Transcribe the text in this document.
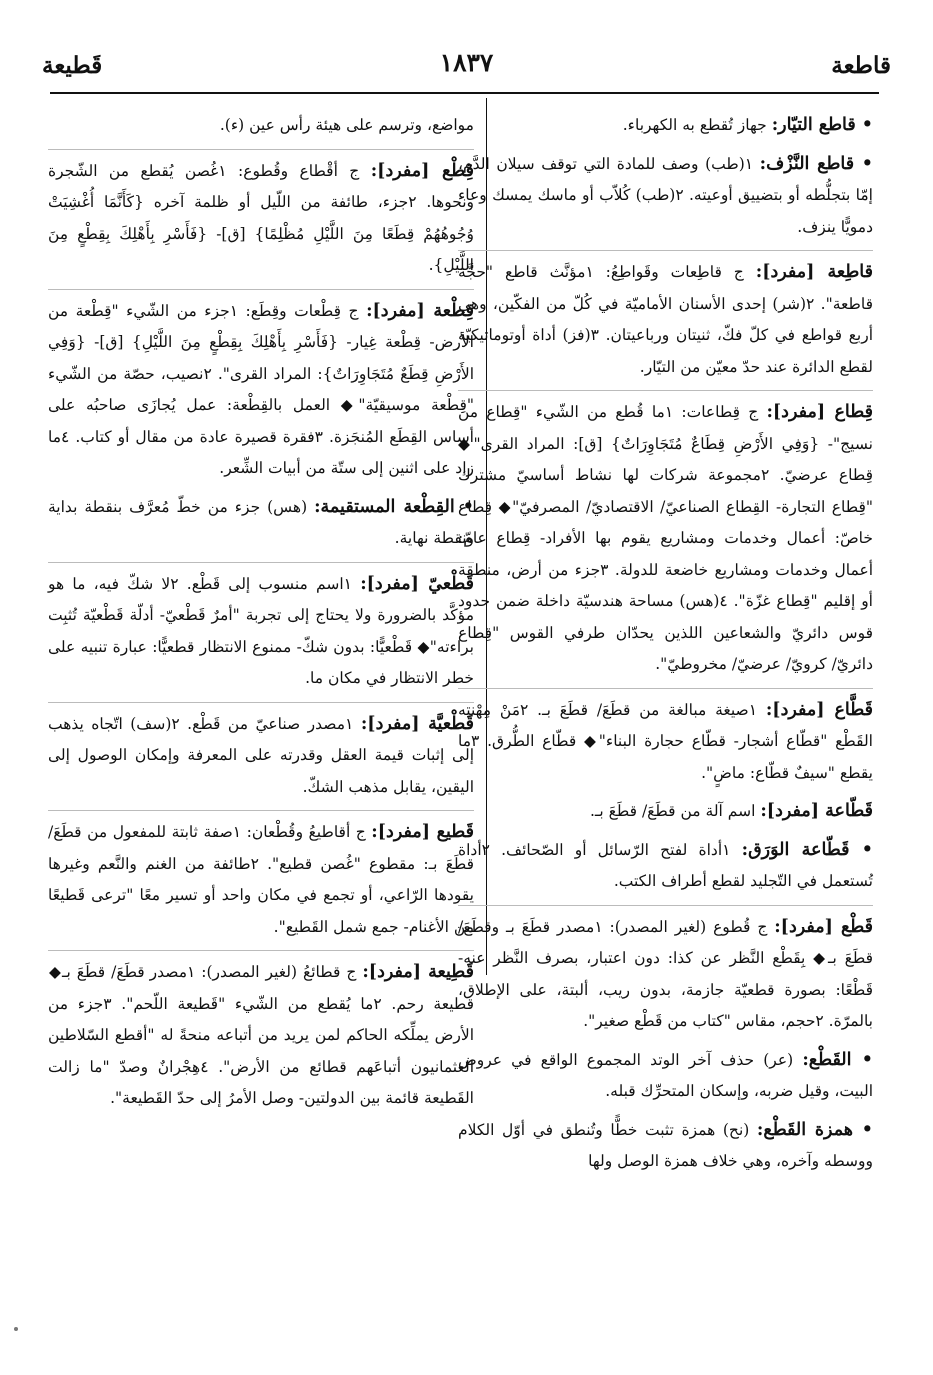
قاطعة
١٨٣٧
قَطيعة
• قاطع التيّار: جهاز تُقطع به الكهرباء.
• قاطع النَّزْف: ١(طب) وصف للمادة التي توقف سيلان الدَّم، إمّا بتجلُّطه أو بتضييق أوعيته. ٢(طب) كُلاّب أو ماسك يمسك وعاء دمويًّا ينزف.
قاطِعة [مفرد]: ج قاطِعات وقَواطِعُ: ١مؤنَّث قاطع "حجَّة قاطعة". ٢(شر) إحدى الأسنان الأماميّة في كُلّ من الفكّين، وهي أربع قواطع في كلّ فكّ، ثنيتان ورباعيتان. ٣(فز) أداة أوتوماتيكيّة لقطع الدائرة عند حدّ معيّن من التيّار.
قِطاع [مفرد]: ج قِطاعات: ١ما قُطع من الشّيء "قِطاع من نسيج"- {وَفِي الأَرْضِ قِطَاعٌ مُتَجَاوِرَاتٌ} [ق]: المراد القرى"◆ قِطاع عرضيّ. ٢مجموعة شركات لها نشاط أساسيّ مشترك "قِطاع التجارة- القِطاع الصناعيّ/ الاقتصاديّ/ المصرفيّ"◆ قِطاع خاصّ: أعمال وخدمات ومشاريع يقوم بها الأفراد- قِطاع عامّ: أعمال وخدمات ومشاريع خاضعة للدولة. ٣جزء من أرض، منطقة أو إقليم "قِطاع غزّة". ٤(هس) مساحة هندسيّة داخلة ضمن حدود قوس دائريّ والشعاعين اللذين يحدّان طرفي القوس "قِطاع دائريّ/ كرويّ/ عرضيّ/ مخروطيّ".
قَطَّاع [مفرد]: ١صيغة مبالغة من قطَعَ/ قطَعَ بـ. ٢مَنْ مِهْنته القَطْع "قطّاع أشجار- قطّاع حجارة البناء"◆ قطّاع الطُّرق. ٣ما يقطع "سيفٌ قطّاع: ماضٍ".
قَطّاعة [مفرد]: اسم آلة من قطَعَ/ قطَعَ بـ.
• قَطّاعة الوَرَق: ١أداة لفتح الرّسائل أو الصّحائف. ٢أداة تُستعمل في التّجليد لقطع أطراف الكتب.
قَطْع [مفرد]: ج قُطوع (لغير المصدر): ١مصدر قطَعَ بـ وقطَعَ/ قطَعَ بـ◆ بِقَطْع النَّظر عن كذا: دون اعتبار، بصرف النَّظر عنه- قَطْعًا: بصورة قطعيّة جازمة، بدون ريب، ألبتة، على الإطلاق، بالمرّة. ٢حجم، مقاس "كتاب من قَطْع صغير".
• القَطْع: (عر) حذف آخر الوتد المجموع الواقع في عروض البيت، وقيل ضربه، وإسكان المتحرِّك قبله.
• همزة القَطْع: (نح) همزة تثبت خطًّا وتُنطق في أوّل الكلام ووسطه وآخره، وهي خلاف همزة الوصل ولها
مواضع، وترسم على هيئة رأس عين (ء).
قِطْع [مفرد]: ج أقْطاع وقُطوع: ١غُصن يُقطع من الشّجرة ونحوها. ٢جزء، طائفة من اللّيل أو ظلمة آخره {كَأَنَّمَا أُغْشِيَتْ وُجُوهُهُمْ قِطَعًا مِنَ اللَّيْلِ مُظْلِمًا} [ق]- {فَأَسْرِ بِأَهْلِكَ بِقِطْعٍ مِنَ اللَّيْلِ}.
قِطْعة [مفرد]: ج قِطْعات وقِطَع: ١جزء من الشّيء "قِطْعة من الأرض- قِطْعة غِيار- {فَأَسْرِ بِأَهْلِكَ بِقِطْعٍ مِنَ اللَّيْلِ} [ق]- {وَفِي الأَرْضِ قِطَعٌ مُتَجَاوِرَاتٌ}: المراد القرى". ٢نصيب، حصّة من الشّيء "قِطْعة موسيقيّة"◆ العمل بالقِطْعة: عمل يُجازَى صاحبُه على أساس القِطَع المُنجَزة. ٣فقرة قصيرة عادة من مقال أو كتاب. ٤ما زاد على اثنين إلى ستّة من أبيات الشِّعر.
• القِطْعة المستقيمة: (هس) جزء من خطّ مُعرَّف بنقطة بداية ونقطة نهاية.
قَطْعيّ [مفرد]: ١اسم منسوب إلى قَطْع. ٢لا شكّ فيه، ما هو مؤكَّد بالضرورة ولا يحتاج إلى تجربة "أمرٌ قَطْعيّ- أدلّة قَطْعيّة تُثبِت براءته"◆ قَطْعيًّا: بدون شكّ- ممنوع الانتظار قطعيًّا: عبارة تنبيه على خطر الانتظار في مكان ما.
قَطْعيَّة [مفرد]: ١مصدر صناعيّ من قَطْع. ٢(سف) اتّجاه يذهب إلى إثبات قيمة العقل وقدرته على المعرفة وإمكان الوصول إلى اليقين، يقابل مذهب الشكّ.
قَطيع [مفرد]: ج أقاطيعُ وقُطْعان: ١صفة ثابتة للمفعول من قطَعَ/ قطَعَ بـ: مقطوع "غُصن قطيع". ٢طائفة من الغنم والنَّعم وغيرها يقودها الرّاعي، أو تجمع في مكان واحد أو تسير معًا "ترعى قَطيعًا من الأغنام- جمع شمل القَطيع".
قَطِيعة [مفرد]: ج قطائعُ (لغير المصدر): ١مصدر قطَعَ/ قطَعَ بـ◆ قطيعة رحم. ٢ما يُقطع من الشّيء "قَطيعة اللّحم". ٣جزء من الأرض يملِّكه الحاكم لمن يريد من أتباعه منحةً له "أقطع السّلاطين العثمانيون أتباعَهم قطائع من الأرض". ٤هِجْرانٌ وصدّ "ما زالت القَطيعة قائمة بين الدولتين- وصل الأمرُ إلى حدّ القَطيعة".
